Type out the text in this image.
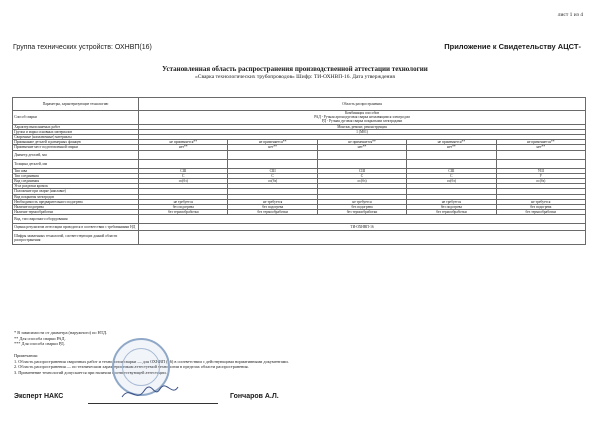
лист 1 из 4
Группа технических устройств: ОХНВП(16)	Приложение к Свидетельству АЦСТ-
Установленная область распространения производственной аттестации технологии
«Сварка технологических трубопроводов» Шифр: ТИ-ОХНВП-16. Дата утверждения
Параметры, характеризующие технологию	Область распространения				
Способ сварки	Комбинация способов
РАД - Ручная аргонодуговая сварка неплавящимся электродом
РД - Ручная дуговая сварка покрытыми электродами				
Характер выполняемых работ	Монтаж, ремонт, реконструкция				
Группа и марка основных материалов	1 (М01)				
Сварочные (наплавочные) материалы					
Примыкание деталей и размерных фланцев	не применяется**	не применяется**	не применяется**	не применяется**	не применяется**
Применение мест подготовленной сварки	нет**	нет**	нет**	нет**	нет**
Диаметр деталей, мм					
Толщина деталей, мм					
Тип шва	СШ	СШ	СШ	СШ	УШ
Тип соединения	С	С	С	С	У
Вид соединения	ос(бз)	ос(бз)	ос(бз)	ос(бз)	ос(бз)
Угол разделки кромок					
Положение при сварке (наплавке)					
Вид покрытия электродов					
Необходимость предварительного подогрева	не требуется	не требуется	не требуется	не требуется	не требуется
Наличие подогрева	без подогрева	без подогрева	без подогрева	без подогрева	без подогрева
Наличие термообработки	без термообработки	без термообработки	без термообработки	без термообработки	без термообработки
Вид, тип сварочного оборудования					
Оценка результатов аттестации проводится в соответствии с требованиями НД	ТИ-ОХНВП-16				
Шифры заявленных технологий, соответствующих данной области распространения					
* В зависимости от диаметра (наружного) по НТД.
** Для способа сварки РАД.
*** Для способа сварки РД.
Примечания:
1. Область распространения сварочных работ и технологии сварки — для ОХНВП (16) в соответствии с действующими нормативными документами.
2. Область распространения — по техническим характеристикам аттестуемой технологии в пределах области распространения.
3. Применение технологий допускается при наличии соответствующей аттестации.
Эксперт НАКС	Гончаров А.Л.
